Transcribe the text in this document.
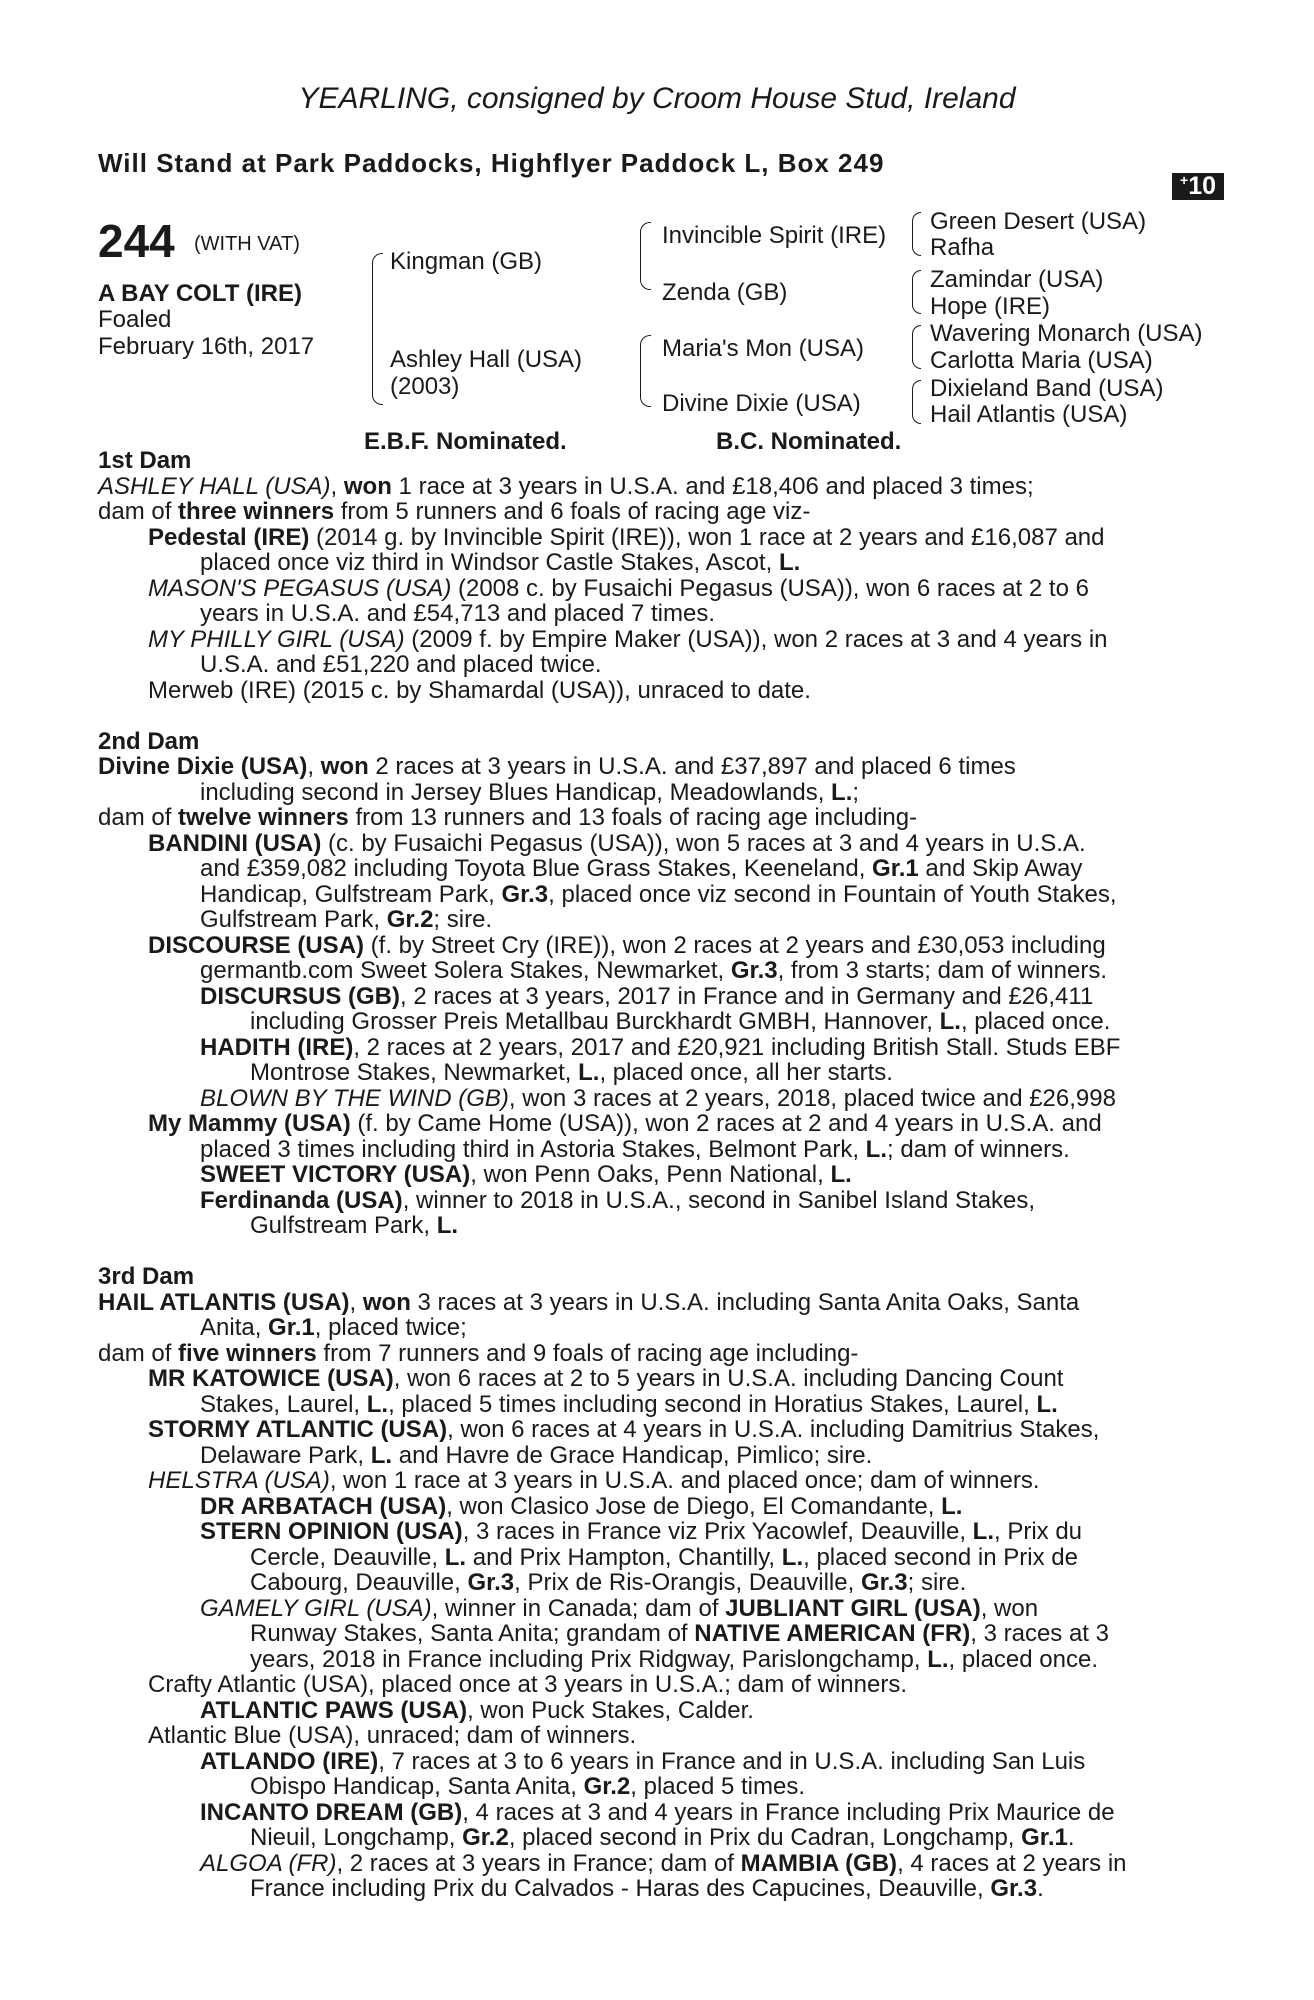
YEARLING, consigned by Croom House Stud, Ireland
Will Stand at Park Paddocks, Highflyer Paddock L, Box 249
+10
244 (WITH VAT)
A BAY COLT (IRE)
Foaled
February 16th, 2017
Kingman (GB)
Ashley Hall (USA)
(2003)
Invincible Spirit (IRE)
Zenda (GB)
Maria's Mon (USA)
Divine Dixie (USA)
Green Desert (USA)
Rafha
Zamindar (USA)
Hope (IRE)
Wavering Monarch (USA)
Carlotta Maria (USA)
Dixieland Band (USA)
Hail Atlantis (USA)
E.B.F. Nominated.	B.C. Nominated.

1st Dam

ASHLEY HALL (USA), won 1 race at 3 years in U.S.A. and £18,406 and placed 3 times;

dam of three winners from 5 runners and 6 foals of racing age viz-

Pedestal (IRE) (2014 g. by Invincible Spirit (IRE)), won 1 race at 2 years and £16,087 and

placed once viz third in Windsor Castle Stakes, Ascot, L.

MASON'S PEGASUS (USA) (2008 c. by Fusaichi Pegasus (USA)), won 6 races at 2 to 6

years in U.S.A. and £54,713 and placed 7 times.

MY PHILLY GIRL (USA) (2009 f. by Empire Maker (USA)), won 2 races at 3 and 4 years in

U.S.A. and £51,220 and placed twice.

Merweb (IRE) (2015 c. by Shamardal (USA)), unraced to date.

2nd Dam

Divine Dixie (USA), won 2 races at 3 years in U.S.A. and £37,897 and placed 6 times

including second in Jersey Blues Handicap, Meadowlands, L.;

dam of twelve winners from 13 runners and 13 foals of racing age including-

BANDINI (USA) (c. by Fusaichi Pegasus (USA)), won 5 races at 3 and 4 years in U.S.A.

and £359,082 including Toyota Blue Grass Stakes, Keeneland, Gr.1 and Skip Away

Handicap, Gulfstream Park, Gr.3, placed once viz second in Fountain of Youth Stakes,

Gulfstream Park, Gr.2; sire.

DISCOURSE (USA) (f. by Street Cry (IRE)), won 2 races at 2 years and £30,053 including

germantb.com Sweet Solera Stakes, Newmarket, Gr.3, from 3 starts; dam of winners.

DISCURSUS (GB), 2 races at 3 years, 2017 in France and in Germany and £26,411

including Grosser Preis Metallbau Burckhardt GMBH, Hannover, L., placed once.

HADITH (IRE), 2 races at 2 years, 2017 and £20,921 including British Stall. Studs EBF

Montrose Stakes, Newmarket, L., placed once, all her starts.

BLOWN BY THE WIND (GB), won 3 races at 2 years, 2018, placed twice and £26,998

My Mammy (USA) (f. by Came Home (USA)), won 2 races at 2 and 4 years in U.S.A. and

placed 3 times including third in Astoria Stakes, Belmont Park, L.; dam of winners.

SWEET VICTORY (USA), won Penn Oaks, Penn National, L.

Ferdinanda (USA), winner to 2018 in U.S.A., second in Sanibel Island Stakes,

Gulfstream Park, L.

3rd Dam

HAIL ATLANTIS (USA), won 3 races at 3 years in U.S.A. including Santa Anita Oaks, Santa

Anita, Gr.1, placed twice;

dam of five winners from 7 runners and 9 foals of racing age including-

MR KATOWICE (USA), won 6 races at 2 to 5 years in U.S.A. including Dancing Count

Stakes, Laurel, L., placed 5 times including second in Horatius Stakes, Laurel, L.

STORMY ATLANTIC (USA), won 6 races at 4 years in U.S.A. including Damitrius Stakes,

Delaware Park, L. and Havre de Grace Handicap, Pimlico; sire.

HELSTRA (USA), won 1 race at 3 years in U.S.A. and placed once; dam of winners.

DR ARBATACH (USA), won Clasico Jose de Diego, El Comandante, L.

STERN OPINION (USA), 3 races in France viz Prix Yacowlef, Deauville, L., Prix du

Cercle, Deauville, L. and Prix Hampton, Chantilly, L., placed second in Prix de

Cabourg, Deauville, Gr.3, Prix de Ris-Orangis, Deauville, Gr.3; sire.

GAMELY GIRL (USA), winner in Canada; dam of JUBLIANT GIRL (USA), won

Runway Stakes, Santa Anita; grandam of NATIVE AMERICAN (FR), 3 races at 3

years, 2018 in France including Prix Ridgway, Parislongchamp, L., placed once.

Crafty Atlantic (USA), placed once at 3 years in U.S.A.; dam of winners.

ATLANTIC PAWS (USA), won Puck Stakes, Calder.

Atlantic Blue (USA), unraced; dam of winners.

ATLANDO (IRE), 7 races at 3 to 6 years in France and in U.S.A. including San Luis

Obispo Handicap, Santa Anita, Gr.2, placed 5 times.

INCANTO DREAM (GB), 4 races at 3 and 4 years in France including Prix Maurice de

Nieuil, Longchamp, Gr.2, placed second in Prix du Cadran, Longchamp, Gr.1.

ALGOA (FR), 2 races at 3 years in France; dam of MAMBIA (GB), 4 races at 2 years in

France including Prix du Calvados - Haras des Capucines, Deauville, Gr.3.
